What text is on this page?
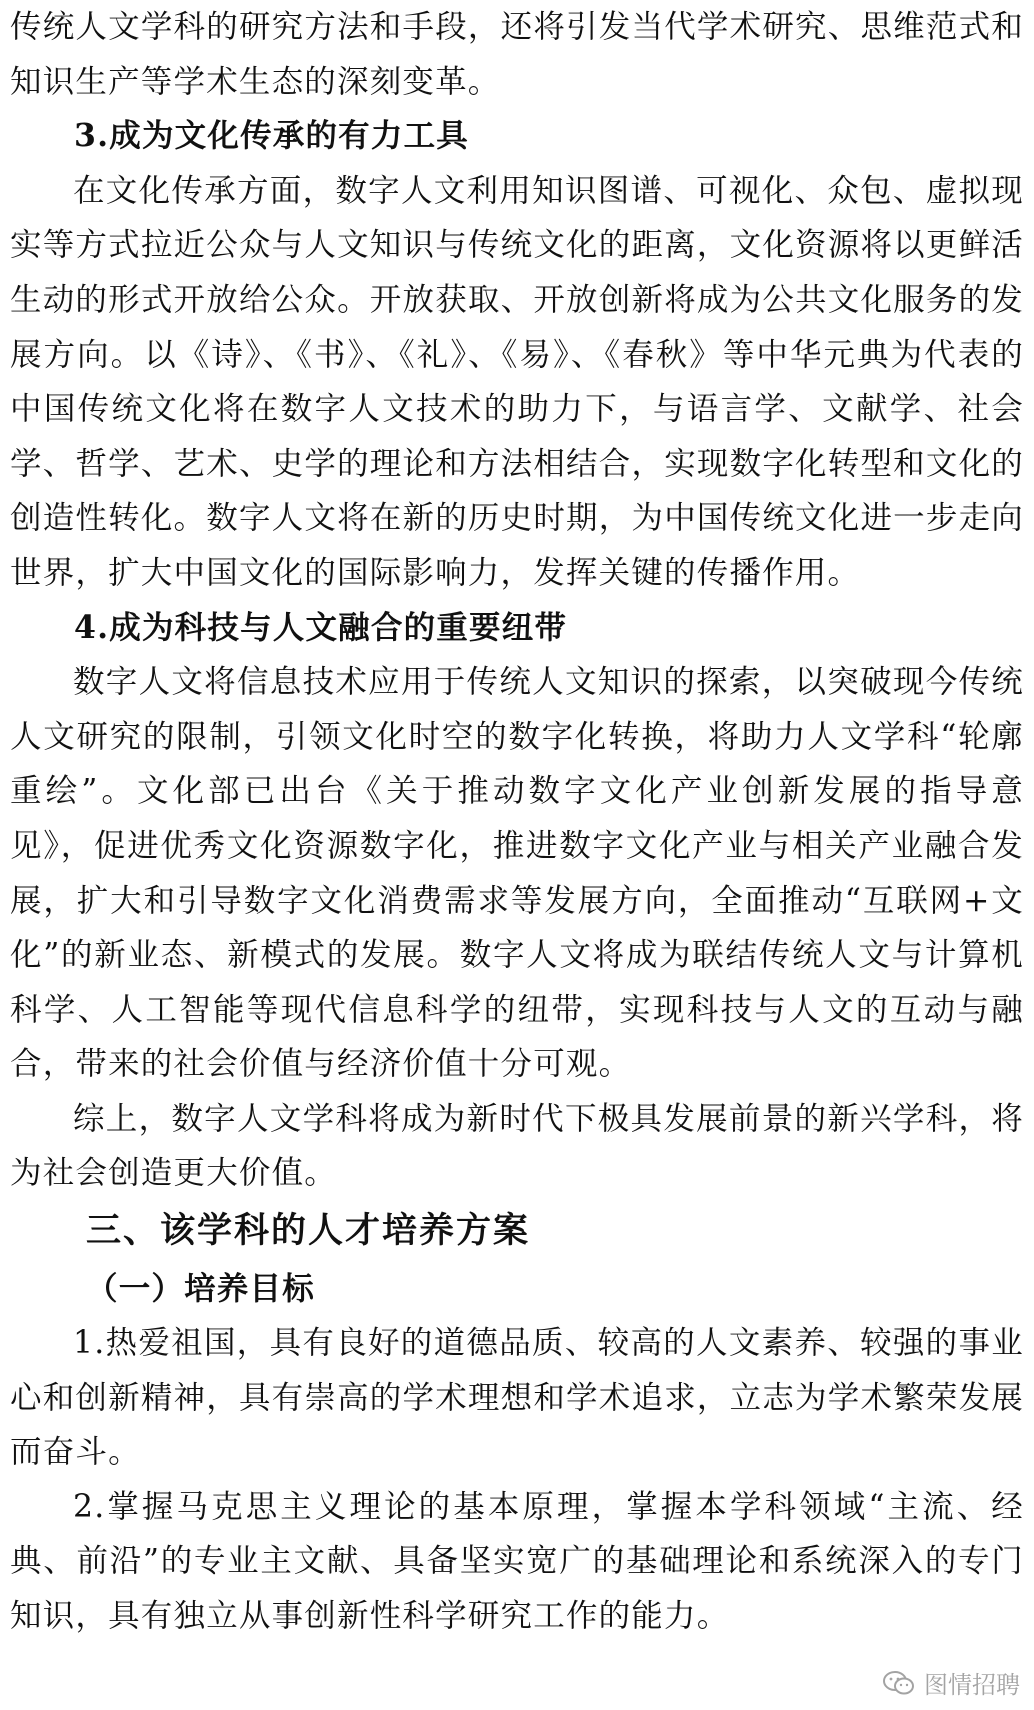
传统人文学科的研究方法和手段，还将引发当代学术研究、思维范式和知识生产等学术生态的深刻变革。

3.成为文化传承的有力工具

在文化传承方面，数字人文利用知识图谱、可视化、众包、虚拟现实等方式拉近公众与人文知识与传统文化的距离，文化资源将以更鲜活生动的形式开放给公众。开放获取、开放创新将成为公共文化服务的发展方向。以《诗》、《书》、《礼》、《易》、《春秋》等中华元典为代表的中国传统文化将在数字人文技术的助力下，与语言学、文献学、社会学、哲学、艺术、史学的理论和方法相结合，实现数字化转型和文化的创造性转化。数字人文将在新的历史时期，为中国传统文化进一步走向世界，扩大中国文化的国际影响力，发挥关键的传播作用。

4.成为科技与人文融合的重要纽带

数字人文将信息技术应用于传统人文知识的探索，以突破现今传统人文研究的限制，引领文化时空的数字化转换，将助力人文学科“轮廓重绘”。文化部已出台《关于推动数字文化产业创新发展的指导意见》，促进优秀文化资源数字化，推进数字文化产业与相关产业融合发展，扩大和引导数字文化消费需求等发展方向，全面推动“互联网+文化”的新业态、新模式的发展。数字人文将成为联结传统人文与计算机科学、人工智能等现代信息科学的纽带，实现科技与人文的互动与融合，带来的社会价值与经济价值十分可观。

综上，数字人文学科将成为新时代下极具发展前景的新兴学科，将为社会创造更大价值。

三、该学科的人才培养方案

（一）培养目标

1.热爱祖国，具有良好的道德品质、较高的人文素养、较强的事业心和创新精神，具有崇高的学术理想和学术追求，立志为学术繁荣发展而奋斗。

2.掌握马克思主义理论的基本原理，掌握本学科领域“主流、经典、前沿”的专业主文献、具备坚实宽广的基础理论和系统深入的专门知识，具有独立从事创新性科学研究工作的能力。

图情招聘
